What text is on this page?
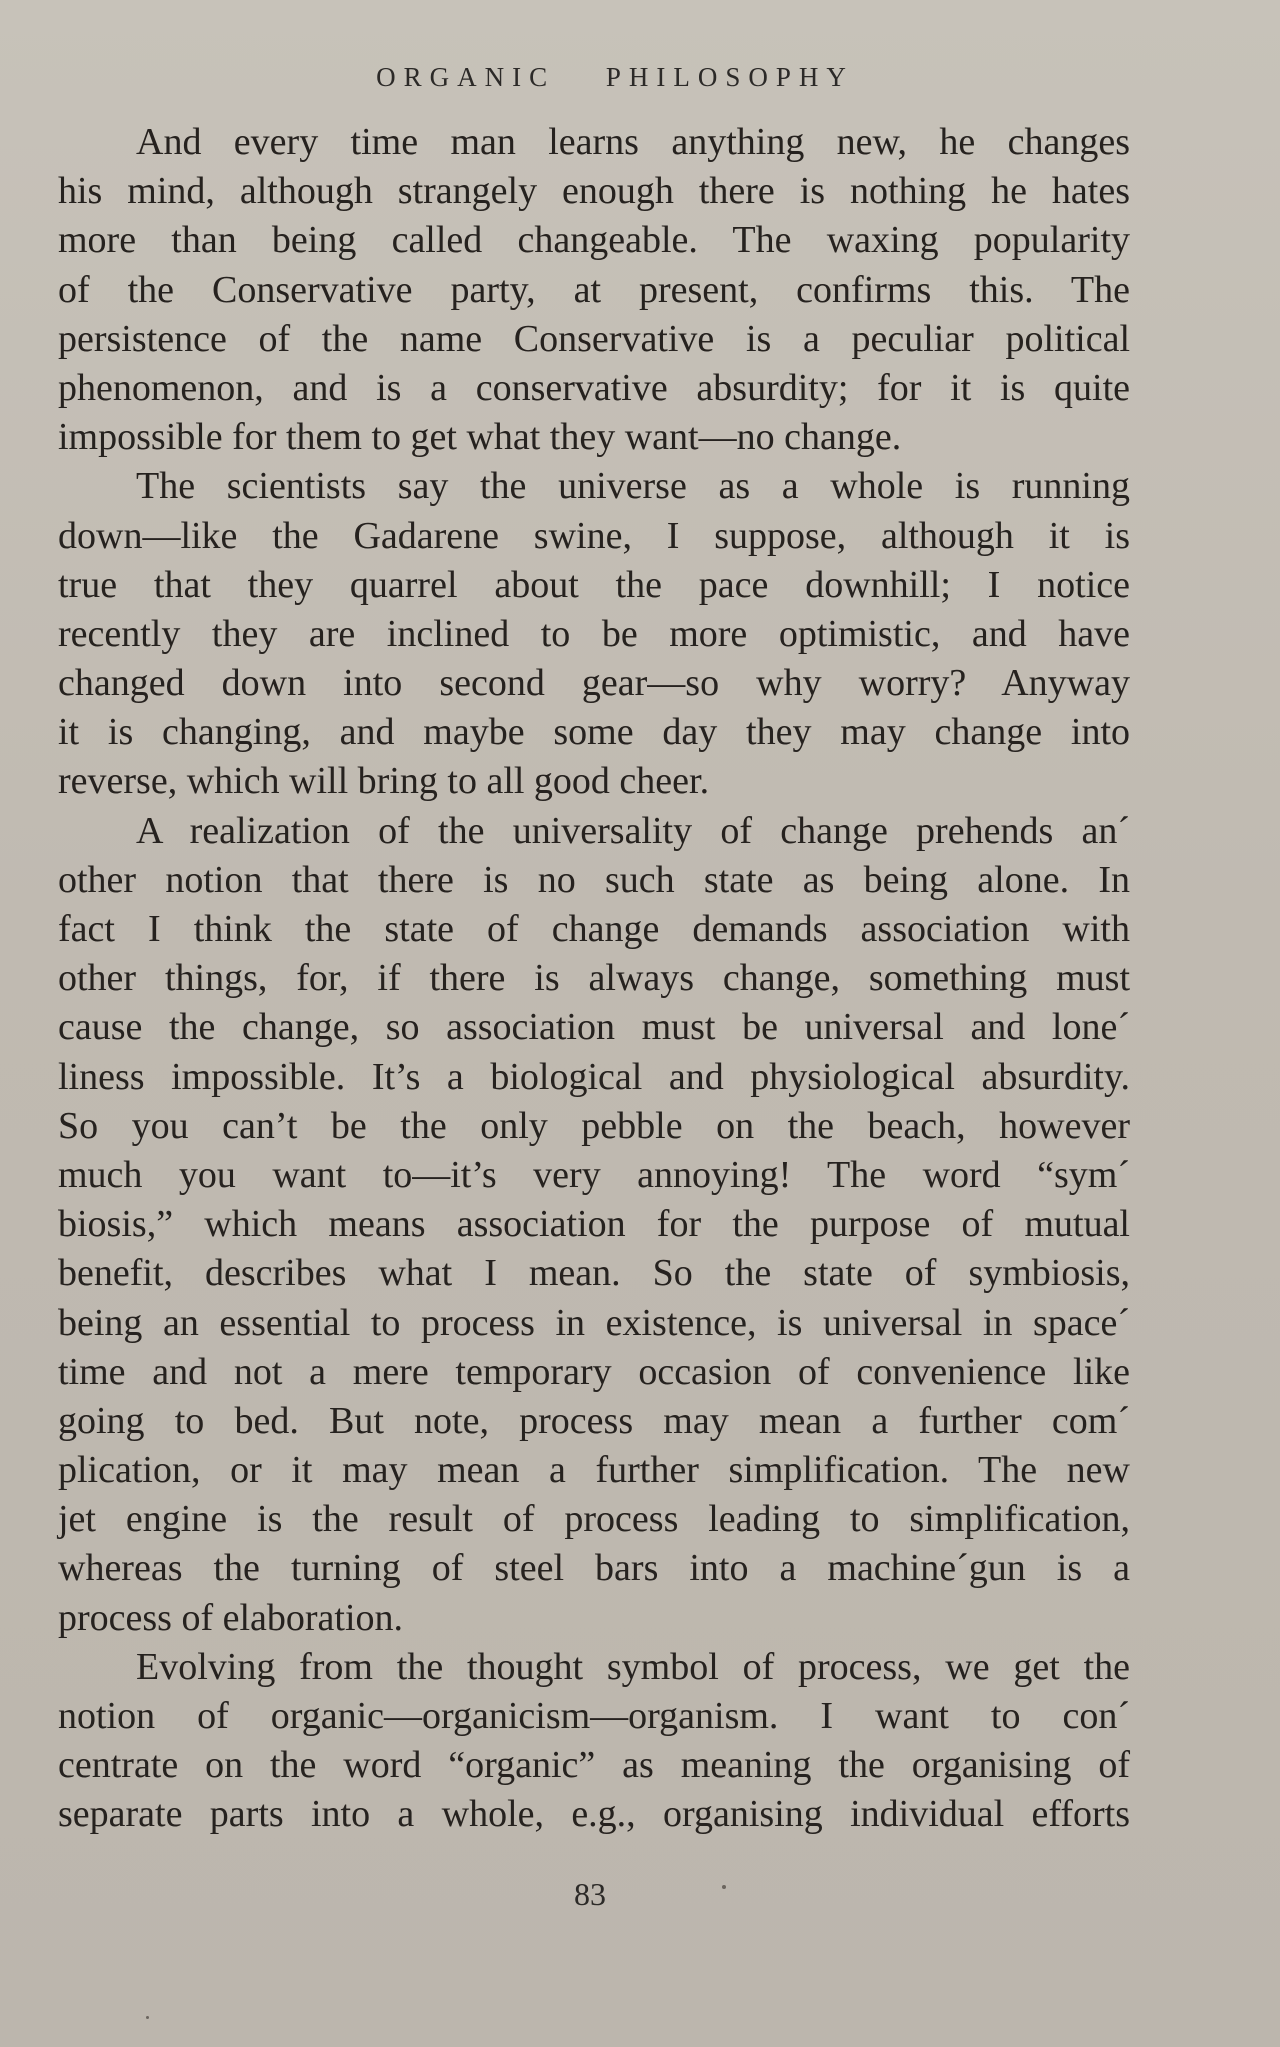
ORGANIC PHILOSOPHY
And every time man learns anything new, he changes
his mind, although strangely enough there is nothing he hates
more than being called changeable. The waxing popularity
of the Conservative party, at present, confirms this. The
persistence of the name Conservative is a peculiar political
phenomenon, and is a conservative absurdity; for it is quite
impossible for them to get what they want—no change.
The scientists say the universe as a whole is running
down—like the Gadarene swine, I suppose, although it is
true that they quarrel about the pace downhill; I notice
recently they are inclined to be more optimistic, and have
changed down into second gear—so why worry? Anyway
it is changing, and maybe some day they may change into
reverse, which will bring to all good cheer.
A realization of the universality of change prehends an´
other notion that there is no such state as being alone. In
fact I think the state of change demands association with
other things, for, if there is always change, something must
cause the change, so association must be universal and lone´
liness impossible. It’s a biological and physiological absurdity.
So you can’t be the only pebble on the beach, however
much you want to—it’s very annoying! The word “sym´
biosis,” which means association for the purpose of mutual
benefit, describes what I mean. So the state of symbiosis,
being an essential to process in existence, is universal in space´
time and not a mere temporary occasion of convenience like
going to bed. But note, process may mean a further com´
plication, or it may mean a further simplification. The new
jet engine is the result of process leading to simplification,
whereas the turning of steel bars into a machine´gun is a
process of elaboration.
Evolving from the thought symbol of process, we get the
notion of organic—organicism—organism. I want to con´
centrate on the word “organic” as meaning the organising of
separate parts into a whole, e.g., organising individual efforts
83
